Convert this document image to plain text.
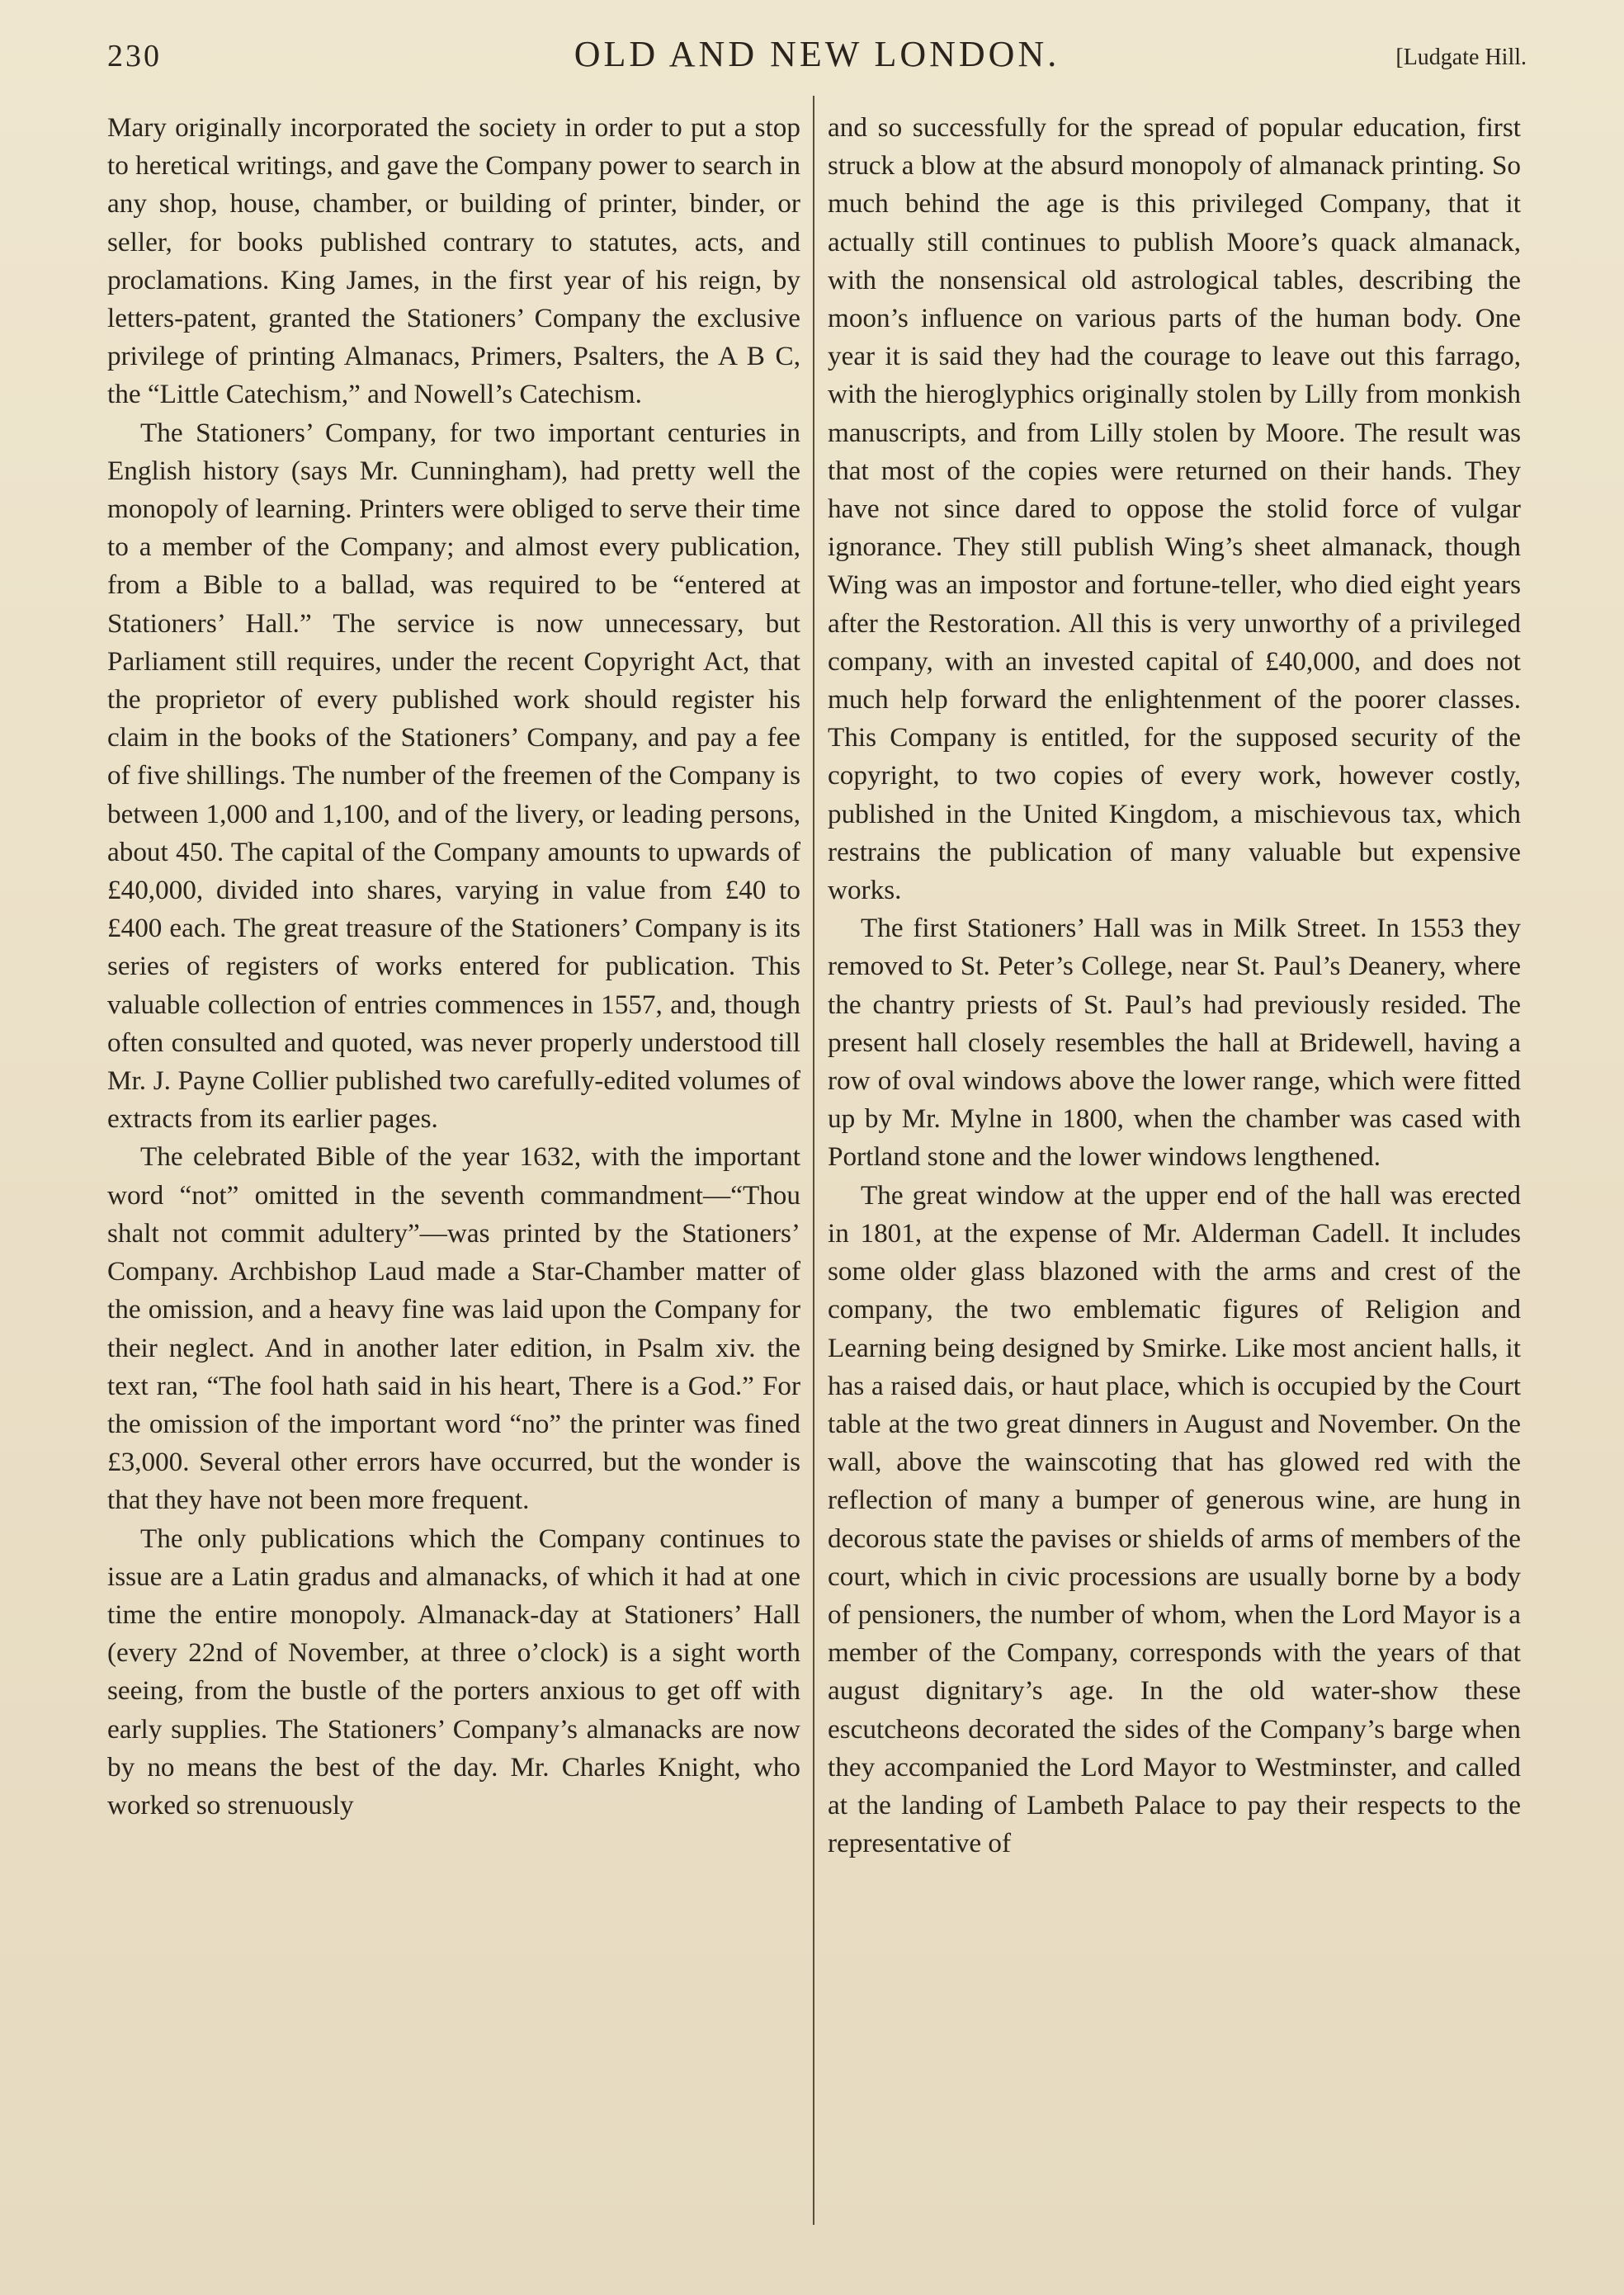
230	OLD AND NEW LONDON.	[Ludgate Hill.

Mary originally incorporated the society in order to put a stop to heretical writings, and gave the Company power to search in any shop, house, chamber, or building of printer, binder, or seller, for books published contrary to statutes, acts, and proclamations. King James, in the first year of his reign, by letters-patent, granted the Stationers’ Company the exclusive privilege of printing Almanacs, Primers, Psalters, the A B C, the “Little Catechism,” and Nowell’s Catechism.

The Stationers’ Company, for two important centuries in English history (says Mr. Cunningham), had pretty well the monopoly of learning. Printers were obliged to serve their time to a member of the Company; and almost every publication, from a Bible to a ballad, was required to be “entered at Stationers’ Hall.” The service is now unnecessary, but Parliament still requires, under the recent Copyright Act, that the proprietor of every published work should register his claim in the books of the Stationers’ Company, and pay a fee of five shillings. The number of the freemen of the Company is between 1,000 and 1,100, and of the livery, or leading persons, about 450. The capital of the Company amounts to upwards of £40,000, divided into shares, varying in value from £40 to £400 each. The great treasure of the Stationers’ Company is its series of registers of works entered for publication. This valuable collection of entries commences in 1557, and, though often consulted and quoted, was never properly understood till Mr. J. Payne Collier published two carefully-edited volumes of extracts from its earlier pages.

The celebrated Bible of the year 1632, with the important word “not” omitted in the seventh commandment—“Thou shalt not commit adultery”—was printed by the Stationers’ Company. Archbishop Laud made a Star-Chamber matter of the omission, and a heavy fine was laid upon the Company for their neglect. And in another later edition, in Psalm xiv. the text ran, “The fool hath said in his heart, There is a God.” For the omission of the important word “no” the printer was fined £3,000. Several other errors have occurred, but the wonder is that they have not been more frequent.

The only publications which the Company continues to issue are a Latin gradus and almanacks, of which it had at one time the entire monopoly. Almanack-day at Stationers’ Hall (every 22nd of November, at three o’clock) is a sight worth seeing, from the bustle of the porters anxious to get off with early supplies. The Stationers’ Company’s almanacks are now by no means the best of the day. Mr. Charles Knight, who worked so strenuously

and so successfully for the spread of popular education, first struck a blow at the absurd monopoly of almanack printing. So much behind the age is this privileged Company, that it actually still continues to publish Moore’s quack almanack, with the nonsensical old astrological tables, describing the moon’s influence on various parts of the human body. One year it is said they had the courage to leave out this farrago, with the hieroglyphics originally stolen by Lilly from monkish manuscripts, and from Lilly stolen by Moore. The result was that most of the copies were returned on their hands. They have not since dared to oppose the stolid force of vulgar ignorance. They still publish Wing’s sheet almanack, though Wing was an impostor and fortune-teller, who died eight years after the Restoration. All this is very unworthy of a privileged company, with an invested capital of £40,000, and does not much help forward the enlightenment of the poorer classes. This Company is entitled, for the supposed security of the copyright, to two copies of every work, however costly, published in the United Kingdom, a mischievous tax, which restrains the publication of many valuable but expensive works.

The first Stationers’ Hall was in Milk Street. In 1553 they removed to St. Peter’s College, near St. Paul’s Deanery, where the chantry priests of St. Paul’s had previously resided. The present hall closely resembles the hall at Bridewell, having a row of oval windows above the lower range, which were fitted up by Mr. Mylne in 1800, when the chamber was cased with Portland stone and the lower windows lengthened.

The great window at the upper end of the hall was erected in 1801, at the expense of Mr. Alderman Cadell. It includes some older glass blazoned with the arms and crest of the company, the two emblematic figures of Religion and Learning being designed by Smirke. Like most ancient halls, it has a raised dais, or haut place, which is occupied by the Court table at the two great dinners in August and November. On the wall, above the wainscoting that has glowed red with the reflection of many a bumper of generous wine, are hung in decorous state the pavises or shields of arms of members of the court, which in civic processions are usually borne by a body of pensioners, the number of whom, when the Lord Mayor is a member of the Company, corresponds with the years of that august dignitary’s age. In the old water-show these escutcheons decorated the sides of the Company’s barge when they accompanied the Lord Mayor to Westminster, and called at the landing of Lambeth Palace to pay their respects to the representative of
